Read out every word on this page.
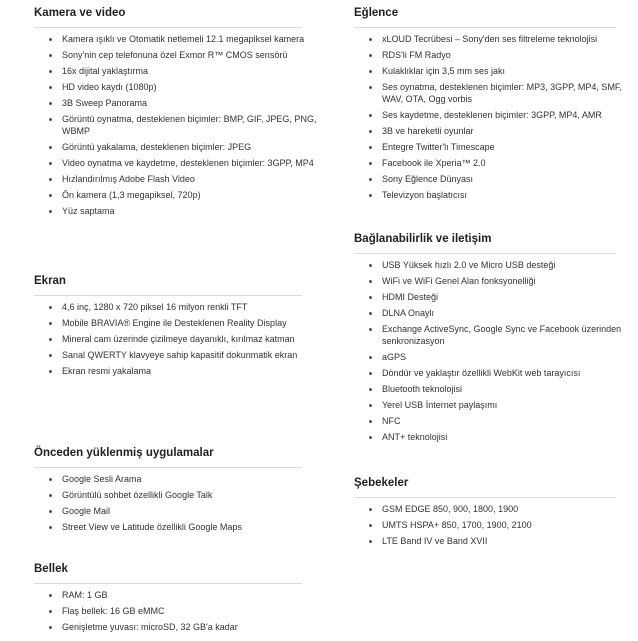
Kamera ve video
Kamera ışıklı ve Otomatik netlemeli 12.1 megapiksel kamera
Sony'nin cep telefonuna özel Exmor R™ CMOS sensörü
16x dijital yaklaştırma
HD video kaydı (1080p)
3B Sweep Panorama
Görüntü oynatma, desteklenen biçimler: BMP, GIF, JPEG, PNG, WBMP
Görüntü yakalama, desteklenen biçimler: JPEG
Video oynatma ve kaydetme, desteklenen biçimler: 3GPP, MP4
Hızlandırılmış Adobe Flash Video
Ön kamera (1,3 megapiksel, 720p)
Yüz saptama
Ekran
4,6 inç, 1280 x 720 piksel 16 milyon renkli TFT
Mobile BRAVIA® Engine ile Desteklenen Reality Display
Mineral cam üzerinde çizilmeye dayanıklı, kırılmaz katman
Sanal QWERTY klavyeye sahip kapasitif dokunmatik ekran
Ekran resmi yakalama
Önceden yüklenmiş uygulamalar
Google Sesli Arama
Görüntülü sohbet özellikli Google Talk
Google Mail
Street View ve Latitude özellikli Google Maps
Bellek
RAM: 1 GB
Flaş bellek: 16 GB eMMC
Genişletme yuvası: microSD, 32 GB'a kadar
Eğlence
xLOUD Tecrübesi – Sony'den ses filtreleme teknolojisi
RDS'li FM Radyo
Kulaklıklar için 3,5 mm ses jakı
Ses oynatma, desteklenen biçimler: MP3, 3GPP, MP4, SMF, WAV, OTA, Ogg vorbis
Ses kaydetme, desteklenen biçimler: 3GPP, MP4, AMR
3B ve hareketli oyunlar
Entegre Twitter'lı Timescape
Facebook ile Xperia™ 2.0
Sony Eğlence Dünyası
Televizyon başlatıcısı
Bağlanabilirlik ve iletişim
USB Yüksek hızlı 2.0 ve Micro USB desteği
WiFi ve WiFi Genel Alan fonksyonelliği
HDMI Desteği
DLNA Onaylı
Exchange ActiveSync, Google Sync ve Facebook üzerinden senkronizasyon
aGPS
Döndür ve yaklaştır özellikli WebKit web tarayıcısı
Bluetooth teknolojisi
Yerel USB İnternet paylaşımı
NFC
ANT+ teknolojisi
Şebekeler
GSM EDGE 850, 900, 1800, 1900
UMTS HSPA+ 850, 1700, 1900, 2100
LTE Band IV ve Band XVII
